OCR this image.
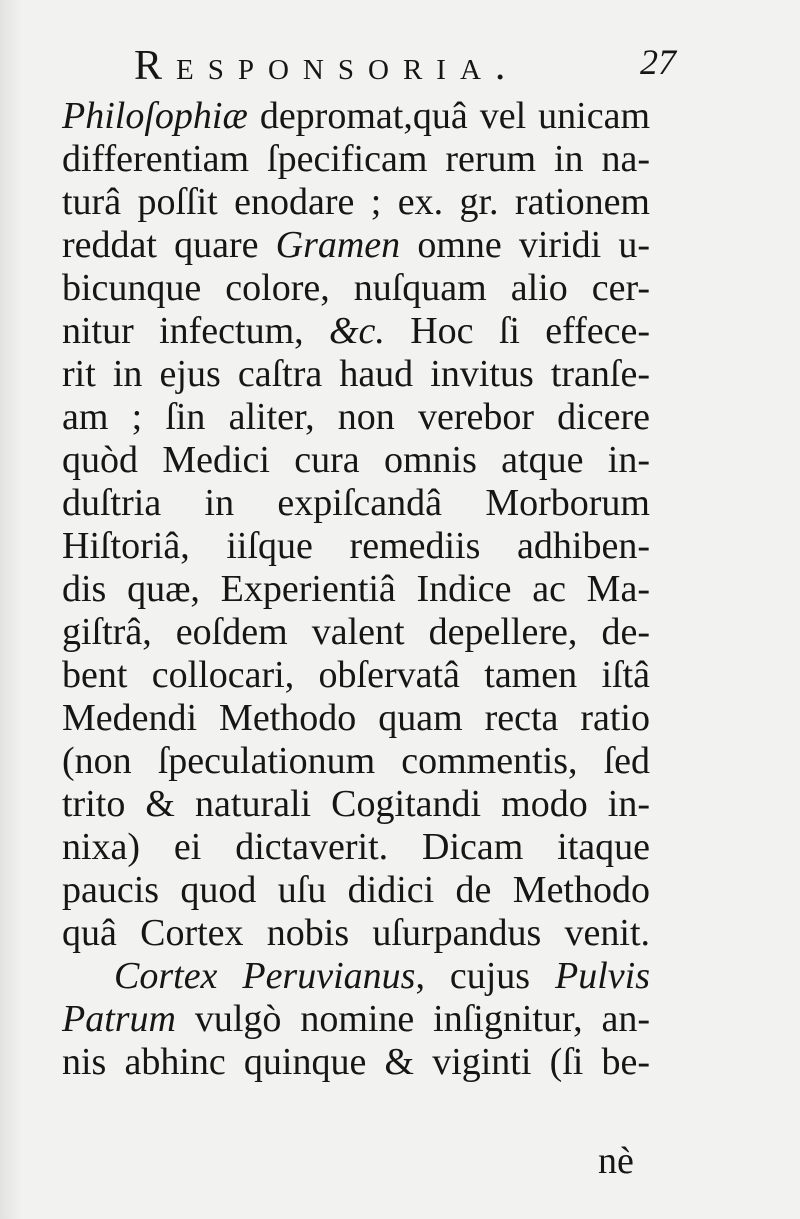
Responsoria.	27
Philoſophiæ depromat,quâ vel unicam
differentiam ſpecificam rerum in na-
turâ poſſit enodare ; ex. gr. rationem
reddat quare Gramen omne viridi u-
bicunque colore, nuſquam alio cer-
nitur infectum, &c. Hoc ſi effece-
rit in ejus caſtra haud invitus tranſe-
am ; ſin aliter, non verebor dicere
quòd Medici cura omnis atque in-
duſtria in expiſcandâ Morborum
Hiſtoriâ, iiſque remediis adhiben-
dis quæ, Experientiâ Indice ac Ma-
giſtrâ, eoſdem valent depellere, de-
bent collocari, obſervatâ tamen iſtâ
Medendi Methodo quam recta ratio
(non ſpeculationum commentis, ſed
trito & naturali Cogitandi modo in-
nixa) ei dictaverit. Dicam itaque
paucis quod uſu didici de Methodo
quâ Cortex nobis uſurpandus venit.
Cortex Peruvianus, cujus Pulvis
Patrum vulgò nomine inſignitur, an-
nis abhinc quinque & viginti (ſi be-
nè
